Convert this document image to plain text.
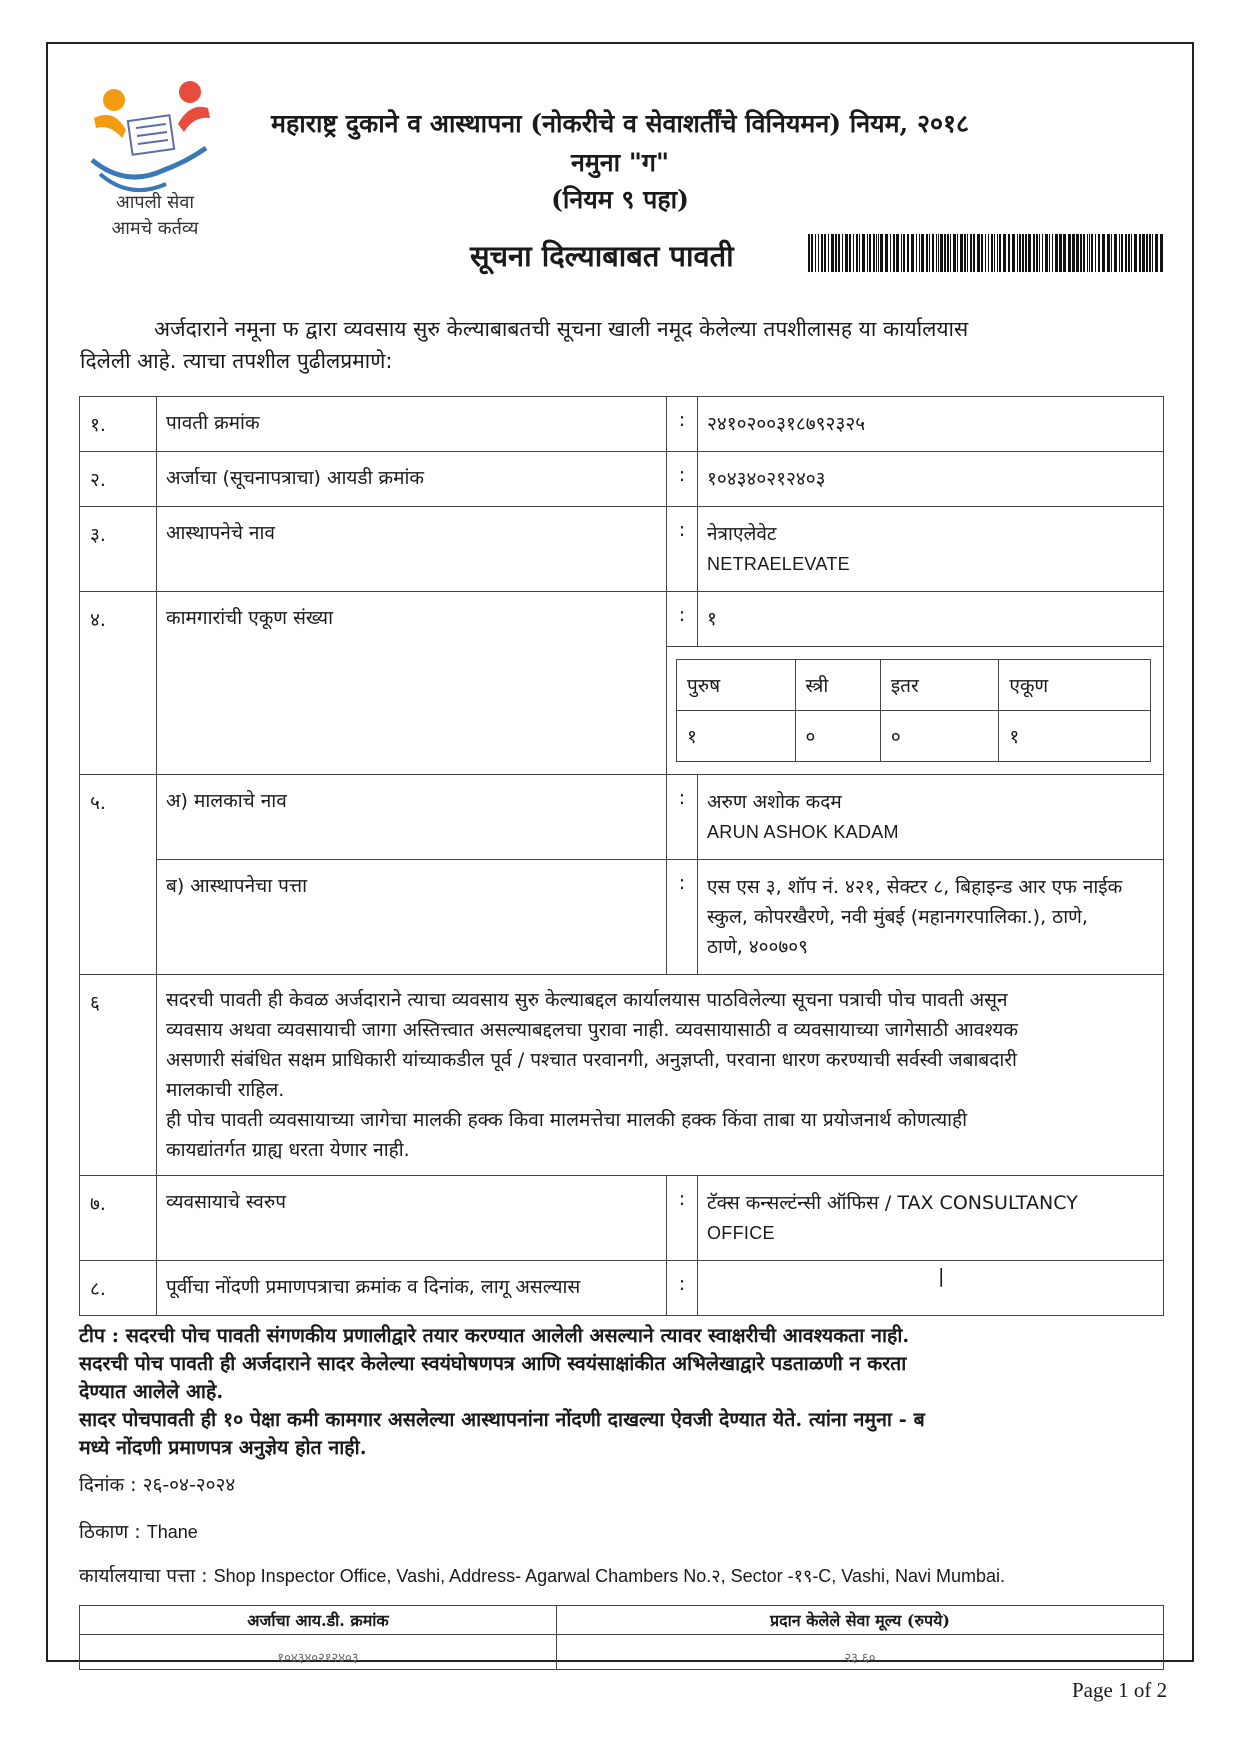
आपली सेवा
आमचे कर्तव्य
महाराष्ट्र दुकाने व आस्थापना (नोकरीचे व सेवाशर्तींचे विनियमन) नियम, २०१८
नमुना "ग"
(नियम ९ पहा)
सूचना दिल्याबाबत पावती
अर्जदाराने नमूना फ द्वारा व्यवसाय सुरु केल्याबाबतची सूचना खाली नमूद केलेल्या तपशीलासह या कार्यालयास
दिलेली आहे. त्याचा तपशील पुढीलप्रमाणे:
१.	पावती क्रमांक	:	२४१०२००३१८७९२३२५
२.	अर्जाचा (सूचनापत्राचा) आयडी क्रमांक	:	१०४३४०२१२४०३
३.	आस्थापनेचे नाव	:	नेत्राएलेवेट
NETRAELEVATE

४.	कामगारांची एकूण संख्या	:	१

पुरुष	स्त्री	इतर	एकूण
१	०	०	१

५.	अ) मालकाचे नाव	:	अरुण अशोक कदम
ARUN ASHOK KADAM

ब) आस्थापनेचा पत्ता	:	एस एस ३, शॉप नं. ४२१, सेक्टर ८, बिहाइन्ड आर एफ नाईक
स्कुल, कोपरखैरणे, नवी मुंबई (महानगरपालिका.), ठाणे,
ठाणे, ४००७०९

६	सदरची पावती ही केवळ अर्जदाराने त्याचा व्यवसाय सुरु केल्याबद्दल कार्यालयास पाठविलेल्या सूचना पत्राची पोच पावती असून
व्यवसाय अथवा व्यवसायाची जागा अस्तित्त्वात असल्याबद्दलचा पुरावा नाही. व्यवसायासाठी व व्यवसायाच्या जागेसाठी आवश्यक
असणारी संबंधित सक्षम प्राधिकारी यांच्याकडील पूर्व / पश्चात परवानगी, अनुज्ञप्ती, परवाना धारण करण्याची सर्वस्वी जबाबदारी
मालकाची राहिल.
ही पोच पावती व्यवसायाच्या जागेचा मालकी हक्क किवा मालमत्तेचा मालकी हक्क किंवा ताबा या प्रयोजनार्थ कोणत्याही
कायद्यांतर्गत ग्राह्य धरता येणार नाही.

७.	व्यवसायाचे स्वरुप	:	टॅक्स कन्सल्टंन्सी ऑफिस / TAX CONSULTANCY
OFFICE

८.	पूर्वीचा नोंदणी प्रमाणपत्राचा क्रमांक व दिनांक, लागू असल्यास	:	|
टीप : सदरची पोच पावती संगणकीय प्रणालीद्वारे तयार करण्यात आलेली असल्याने त्यावर स्वाक्षरीची आवश्यकता नाही.
सदरची पोच पावती ही अर्जदाराने सादर केलेल्या स्वयंघोषणपत्र आणि स्वयंसाक्षांकीत अभिलेखाद्वारे पडताळणी न करता
देण्यात आलेले आहे.
सादर पोचपावती ही १० पेक्षा कमी कामगार असलेल्या आस्थापनांना नोंदणी दाखल्या ऐवजी देण्यात येते. त्यांना नमुना - ब
मध्ये नोंदणी प्रमाणपत्र अनुज्ञेय होत नाही.
दिनांक : २६-०४-२०२४
ठिकाण : Thane
कार्यालयाचा पत्ता : Shop Inspector Office, Vashi, Address- Agarwal Chambers No.२, Sector -१९-C, Vashi, Navi Mumbai.
अर्जाचा आय.डी. क्रमांक	प्रदान केलेले सेवा मूल्य (रुपये)
१०४३४०२१२४०३	२३.६०
Page 1 of 2
